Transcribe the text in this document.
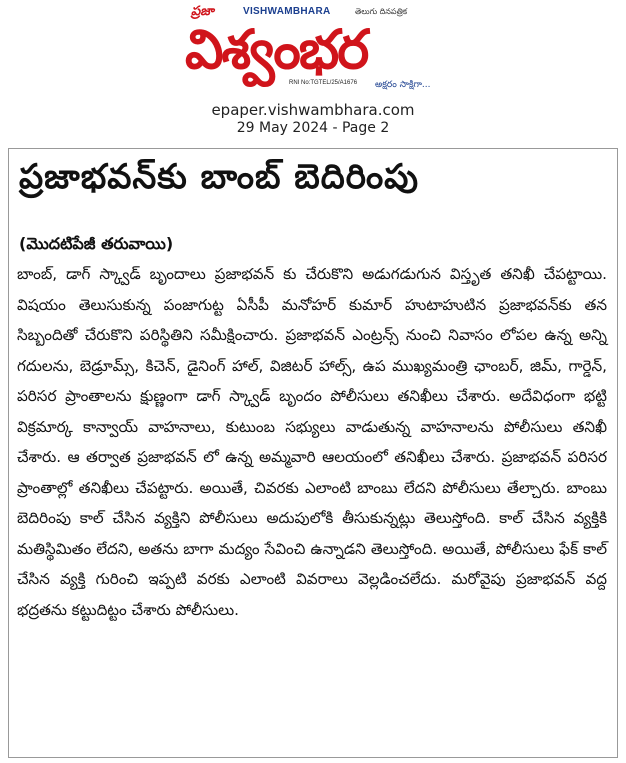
ప్రజా	VISHWAMBHARA	తెలుగు దినపత్రిక
విశ్వంభర
RNI No:TGTEL/25/A1676 అక్షరం సాక్షిగా...
epaper.vishwambhara.com
29 May 2024 - Page 2
ప్రజాభవన్‌కు బాంబ్ బెదిరింపు
(మొదటిపేజీ తరువాయి)
బాంబ్, డాగ్ స్క్వాడ్ బృందాలు ప్రజాభవన్ కు చేరుకొని అడుగడుగున విస్తృత తనిఖీ చేపట్టాయి. విషయం తెలుసుకున్న పంజాగుట్ట ఏసీపీ మనోహర్ కుమార్ హుటాహుటిన ప్రజాభవన్‌కు తన సిబ్బందితో చేరుకొని పరిస్థితిని సమీక్షించారు. ప్రజాభవన్ ఎంట్రన్స్ నుంచి నివాసం లోపల ఉన్న అన్ని గదులను, బెడ్రూమ్స్, కిచెన్, డైనింగ్ హాల్, విజిటర్ హాల్స్, ఉప ముఖ్యమంత్రి ఛాంబర్, జిమ్, గార్డెన్, పరిసర ప్రాంతాలను క్షుణ్ణంగా డాగ్ స్క్వాడ్ బృందం పోలీసులు తనిఖీలు చేశారు. అదేవిధంగా భట్టి విక్రమార్క కాన్వాయ్ వాహనాలు, కుటుంబ సభ్యులు వాడుతున్న వాహనాలను పోలీసులు తనిఖీ చేశారు. ఆ తర్వాత ప్రజాభవన్ లో ఉన్న అమ్మవారి ఆలయంలో తనిఖీలు చేశారు. ప్రజాభవన్ పరిసర ప్రాంతాల్లో తనిఖీలు చేపట్టారు. అయితే, చివరకు ఎలాంటి బాంబు లేదని పోలీసులు తేల్చారు. బాంబు బెదిరింపు కాల్ చేసిన వ్యక్తిని పోలీసులు అదుపులోకి తీసుకున్నట్లు తెలుస్తోంది. కాల్ చేసిన వ్యక్తికి మతిస్థిమితం లేదని, అతను బాగా మద్యం సేవించి ఉన్నాడని తెలుస్తోంది. అయితే, పోలీసులు ఫేక్ కాల్ చేసిన వ్యక్తి గురించి ఇప్పటి వరకు ఎలాంటి వివరాలు వెల్లడించలేదు. మరోవైపు ప్రజాభవన్ వద్ద భద్రతను కట్టుదిట్టం చేశారు పోలీసులు.
